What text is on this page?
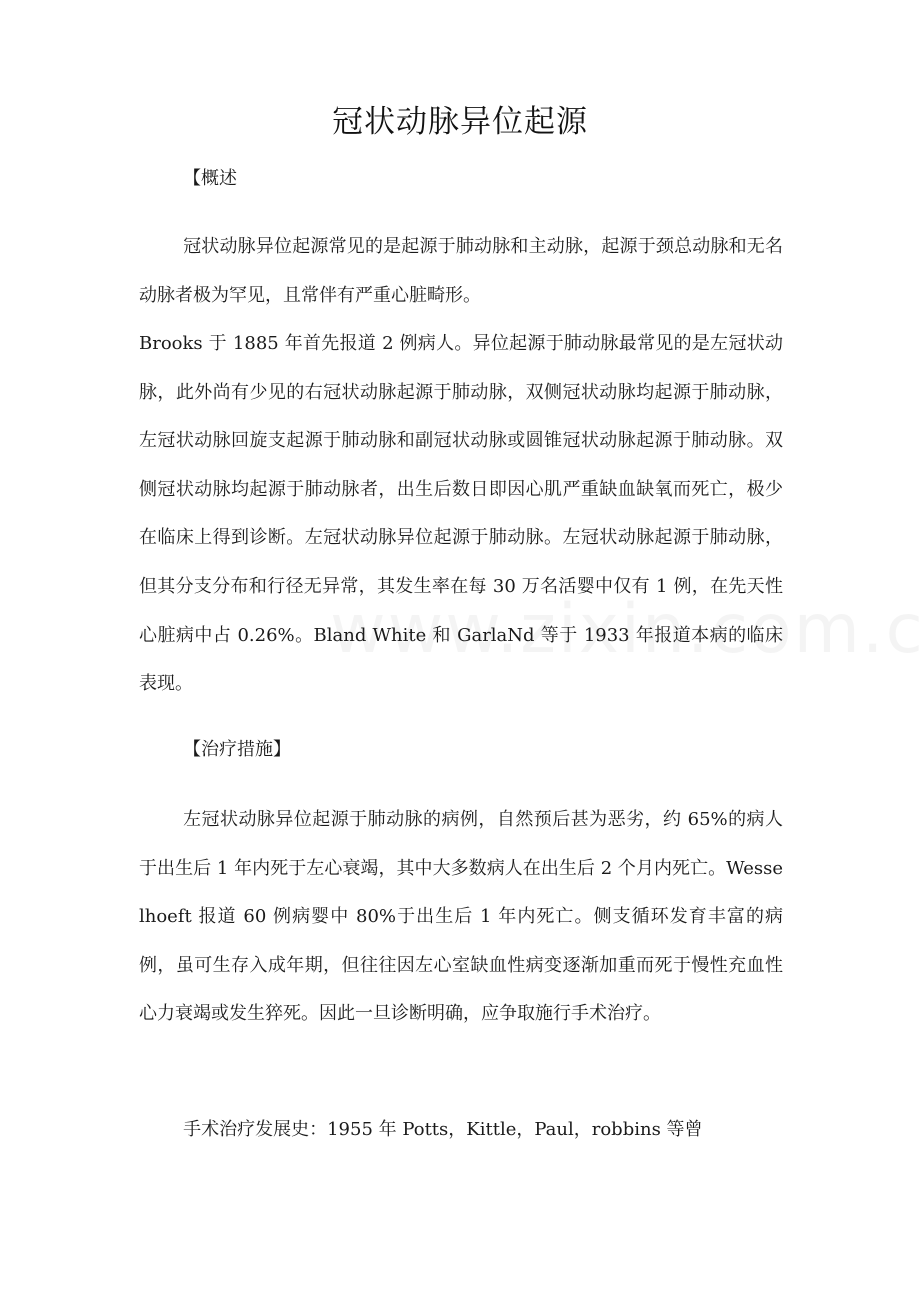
冠状动脉异位起源

【概述

冠状动脉异位起源常见的是起源于肺动脉和主动脉，起源于颈总动脉和无名动脉者极为罕见，且常伴有严重心脏畸形。

Brooks 于 1885 年首先报道 2 例病人。异位起源于肺动脉最常见的是左冠状动脉，此外尚有少见的右冠状动脉起源于肺动脉，双侧冠状动脉均起源于肺动脉，左冠状动脉回旋支起源于肺动脉和副冠状动脉或圆锥冠状动脉起源于肺动脉。双侧冠状动脉均起源于肺动脉者，出生后数日即因心肌严重缺血缺氧而死亡，极少在临床上得到诊断。左冠状动脉异位起源于肺动脉。左冠状动脉起源于肺动脉，但其分支分布和行径无异常，其发生率在每 30 万名活婴中仅有 1 例，在先天性心脏病中占 0.26%。Bland White 和 GarlaNd 等于 1933 年报道本病的临床表现。

【治疗措施】

左冠状动脉异位起源于肺动脉的病例，自然预后甚为恶劣，约 65%的病人于出生后 1 年内死于左心衰竭，其中大多数病人在出生后 2 个月内死亡。Wesselhoeft 报道 60 例病婴中 80%于出生后 1 年内死亡。侧支循环发育丰富的病例，虽可生存入成年期，但往往因左心室缺血性病变逐渐加重而死于慢性充血性心力衰竭或发生猝死。因此一旦诊断明确，应争取施行手术治疗。

手术治疗发展史：1955 年 Potts，Kittle，Paul，robbins 等曾
